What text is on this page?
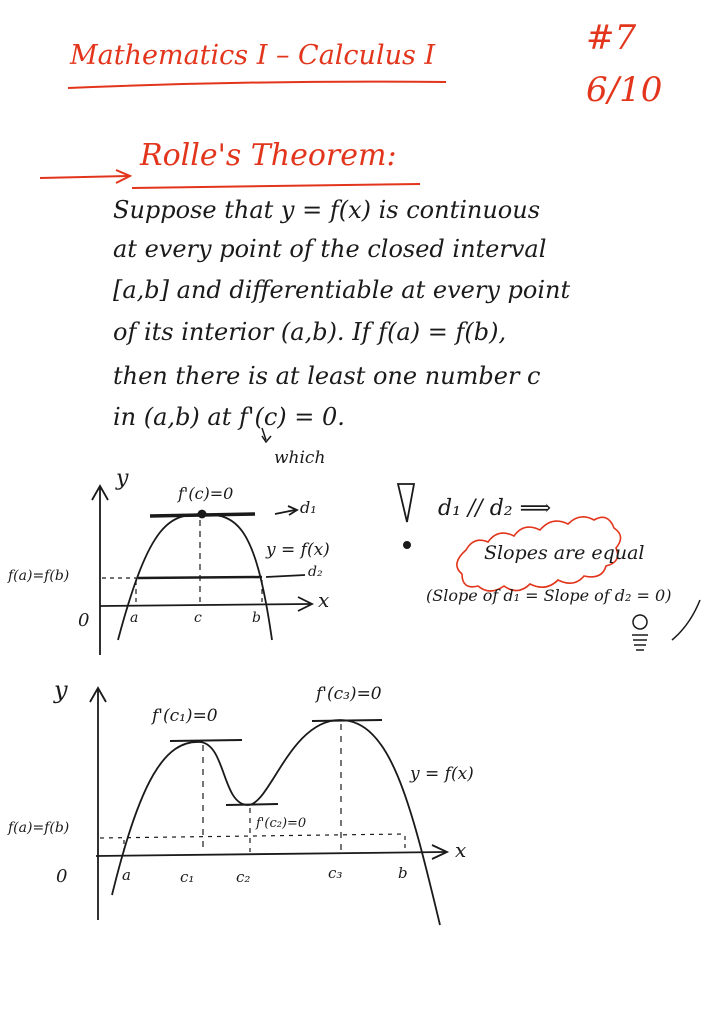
Mathematics I – Calculus I	#7
6/10
Rolle's Theorem:
Suppose that y = f(x) is continuous
at every point of the closed interval
[a,b] and differentiable at every point
of its interior (a,b). If f(a) = f(b),
then there is at least one number c
in (a,b) at f'(c) = 0.
which
y
x
0
f'(c)=0
d₁
d₂
y = f(x)
f(a)=f(b)
a	c	b
d₁ // d₂ ⟹
Slopes are equal
(Slope of d₁ = Slope of d₂ = 0)
y
x
0
f'(c₁)=0
f'(c₂)=0
f'(c₃)=0
y = f(x)
f(a)=f(b)
a	c₁	c₂	c₃	b
